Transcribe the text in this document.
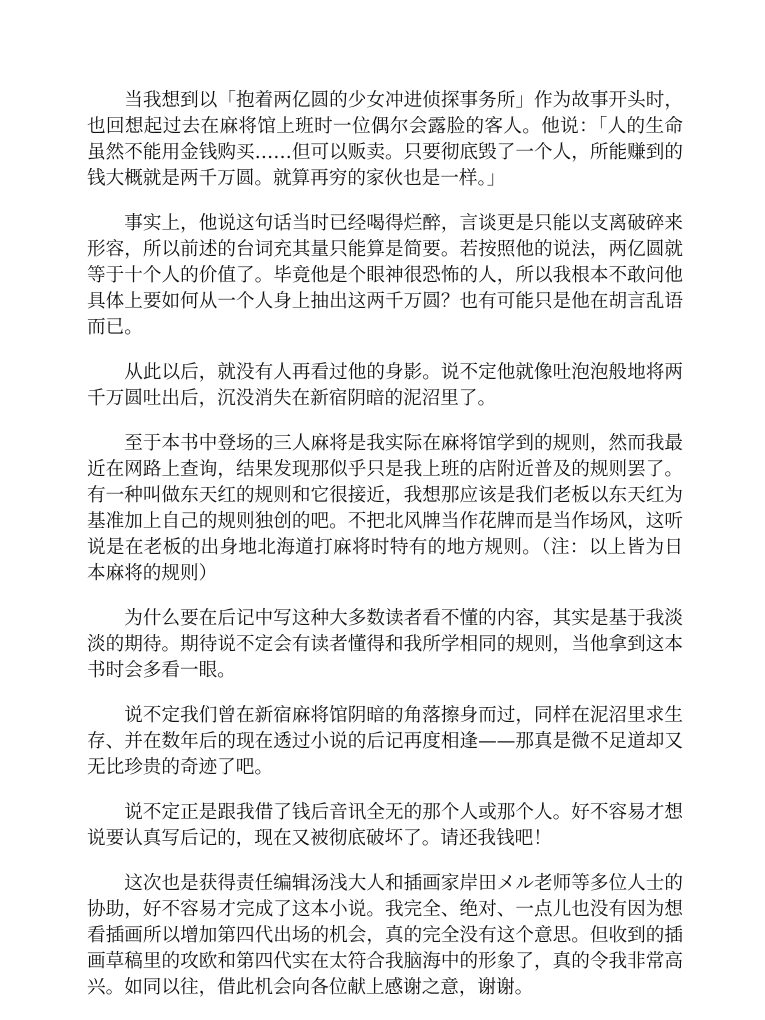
当我想到以「抱着两亿圆的少女冲进侦探事务所」作为故事开头时，也回想起过去在麻将馆上班时一位偶尔会露脸的客人。他说：「人的生命虽然不能用金钱购买……但可以贩卖。只要彻底毁了一个人，所能赚到的钱大概就是两千万圆。就算再穷的家伙也是一样。」

事实上，他说这句话当时已经喝得烂醉，言谈更是只能以支离破碎来形容，所以前述的台词充其量只能算是简要。若按照他的说法，两亿圆就等于十个人的价值了。毕竟他是个眼神很恐怖的人，所以我根本不敢问他具体上要如何从一个人身上抽出这两千万圆？也有可能只是他在胡言乱语而已。

从此以后，就没有人再看过他的身影。说不定他就像吐泡泡般地将两千万圆吐出后，沉没消失在新宿阴暗的泥沼里了。

至于本书中登场的三人麻将是我实际在麻将馆学到的规则，然而我最近在网路上查询，结果发现那似乎只是我上班的店附近普及的规则罢了。有一种叫做东天红的规则和它很接近，我想那应该是我们老板以东天红为基准加上自己的规则独创的吧。不把北风牌当作花牌而是当作场风，这听说是在老板的出身地北海道打麻将时特有的地方规则。（注：以上皆为日本麻将的规则）

为什么要在后记中写这种大多数读者看不懂的内容，其实是基于我淡淡的期待。期待说不定会有读者懂得和我所学相同的规则，当他拿到这本书时会多看一眼。

说不定我们曾在新宿麻将馆阴暗的角落擦身而过，同样在泥沼里求生存、并在数年后的现在透过小说的后记再度相逢——那真是微不足道却又无比珍贵的奇迹了吧。

说不定正是跟我借了钱后音讯全无的那个人或那个人。好不容易才想说要认真写后记的，现在又被彻底破坏了。请还我钱吧！

这次也是获得责任编辑汤浅大人和插画家岸田メル老师等多位人士的协助，好不容易才完成了这本小说。我完全、绝对、一点儿也没有因为想看插画所以增加第四代出场的机会，真的完全没有这个意思。但收到的插画草稿里的攻欧和第四代实在太符合我脑海中的形象了，真的令我非常高兴。如同以往，借此机会向各位献上感谢之意，谢谢。
